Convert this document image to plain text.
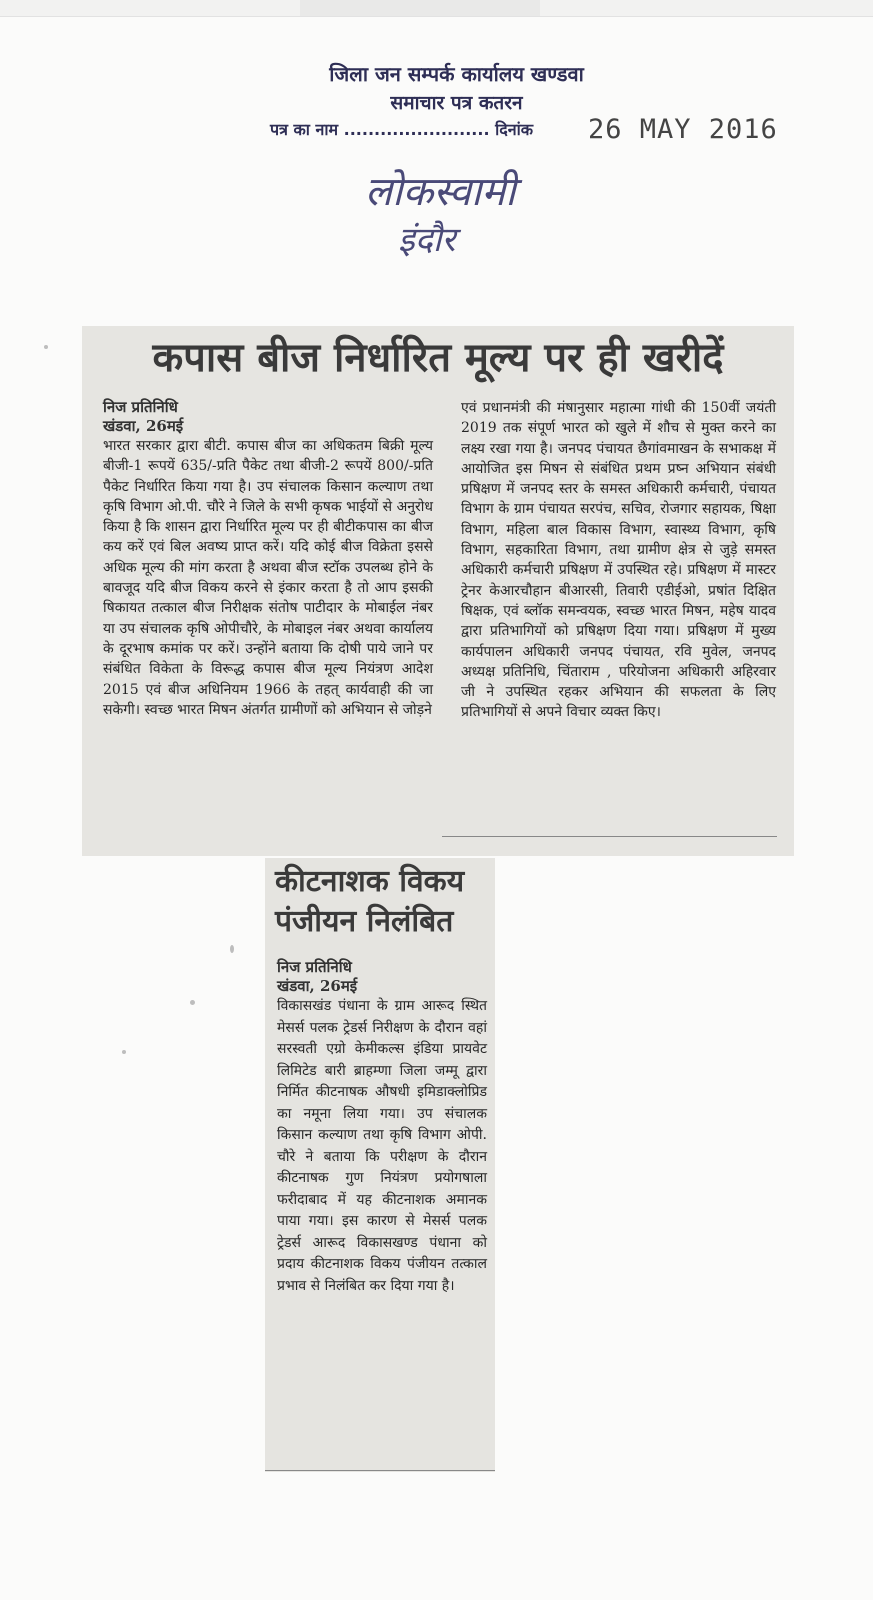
जिला जन सम्पर्क कार्यालय खण्डवा
समाचार पत्र कतरन
पत्र का नाम ........................ दिनांक 26 MAY 2016
लोकस्वामी
इंदौर
कपास बीज निर्धारित मूल्य पर ही खरीदें
निज प्रतिनिधि
खंडवा, 26मई
भारत सरकार द्वारा बीटी. कपास बीज का अधिकतम बिक्री मूल्य बीजी-1 रूपयें 635/-प्रति पैकेट तथा बीजी-2 रूपयें 800/-प्रति पैकेट निर्धारित किया गया है। उप संचालक किसान कल्याण तथा कृषि विभाग ओ.पी. चौरे ने जिले के सभी कृषक भाईयों से अनुरोध किया है कि शासन द्वारा निर्धारित मूल्य पर ही बीटीकपास का बीज कय करें एवं बिल अवष्य प्राप्त करें। यदि कोई बीज विक्रेता इससे अधिक मूल्य की मांग करता है अथवा बीज स्टॉक उपलब्ध होने के बावजूद यदि बीज विकय करने से इंकार करता है तो आप इसकी षिकायत तत्काल बीज निरीक्षक संतोष पाटीदार के मोबाईल नंबर या उप संचालक कृषि ओपीचौरे, के मोबाइल नंबर अथवा कार्यालय के दूरभाष कमांक पर करें। उन्होंने बताया कि दोषी पाये जाने पर संबंधित विकेता के विरूद्ध कपास बीज मूल्य नियंत्रण आदेश 2015 एवं बीज अधिनियम 1966 के तहत् कार्यवाही की जा सकेगी। स्वच्छ भारत मिषन अंतर्गत ग्रामीणों को अभियान से जोड़ने
एवं प्रधानमंत्री की मंषानुसार महात्मा गांधी की 150वीं जयंती 2019 तक संपूर्ण भारत को खुले में शौच से मुक्त करने का लक्ष्य रखा गया है। जनपद पंचायत छैगांवमाखन के सभाकक्ष में आयोजित इस मिषन से संबंधित प्रथम प्रष्न अभियान संबंधी प्रषिक्षण में जनपद स्तर के समस्त अधिकारी कर्मचारी, पंचायत विभाग के ग्राम पंचायत सरपंच, सचिव, रोजगार सहायक, षिक्षा विभाग, महिला बाल विकास विभाग, स्वास्थ्य विभाग, कृषि विभाग, सहकारिता विभाग, तथा ग्रामीण क्षेत्र से जुड़े समस्त अधिकारी कर्मचारी प्रषिक्षण में उपस्थित रहे। प्रषिक्षण में मास्टर ट्रेनर केआरचौहान बीआरसी, तिवारी एडीईओ, प्रषांत दिक्षित षिक्षक, एवं ब्लॉक समन्वयक, स्वच्छ भारत मिषन, महेष यादव द्वारा प्रतिभागियों को प्रषिक्षण दिया गया। प्रषिक्षण में मुख्य कार्यपालन अधिकारी जनपद पंचायत, रवि मुवेल, जनपद अध्यक्ष प्रतिनिधि, चिंताराम , परियोजना अधिकारी अहिरवार जी ने उपस्थित रहकर अभियान की सफलता के लिए प्रतिभागियों से अपने विचार व्यक्त किए।
कीटनाशक विकय पंजीयन निलंबित
निज प्रतिनिधि
खंडवा, 26मई
विकासखंड पंधाना के ग्राम आरूद स्थित मेसर्स पलक ट्रेडर्स निरीक्षण के दौरान वहां सरस्वती एग्रो केमीकल्स इंडिया प्रायवेट लिमिटेड बारी ब्राहम्णा जिला जम्मू द्वारा निर्मित कीटनाषक औषधी इमिडाक्लोप्रिड का नमूना लिया गया। उप संचालक किसान कल्याण तथा कृषि विभाग ओपी. चौरे ने बताया कि परीक्षण के दौरान कीटनाषक गुण नियंत्रण प्रयोगषाला फरीदाबाद में यह कीटनाशक अमानक पाया गया। इस कारण से मेसर्स पलक ट्रेडर्स आरूद विकासखण्ड पंधाना को प्रदाय कीटनाशक विकय पंजीयन तत्काल प्रभाव से निलंबित कर दिया गया है।
